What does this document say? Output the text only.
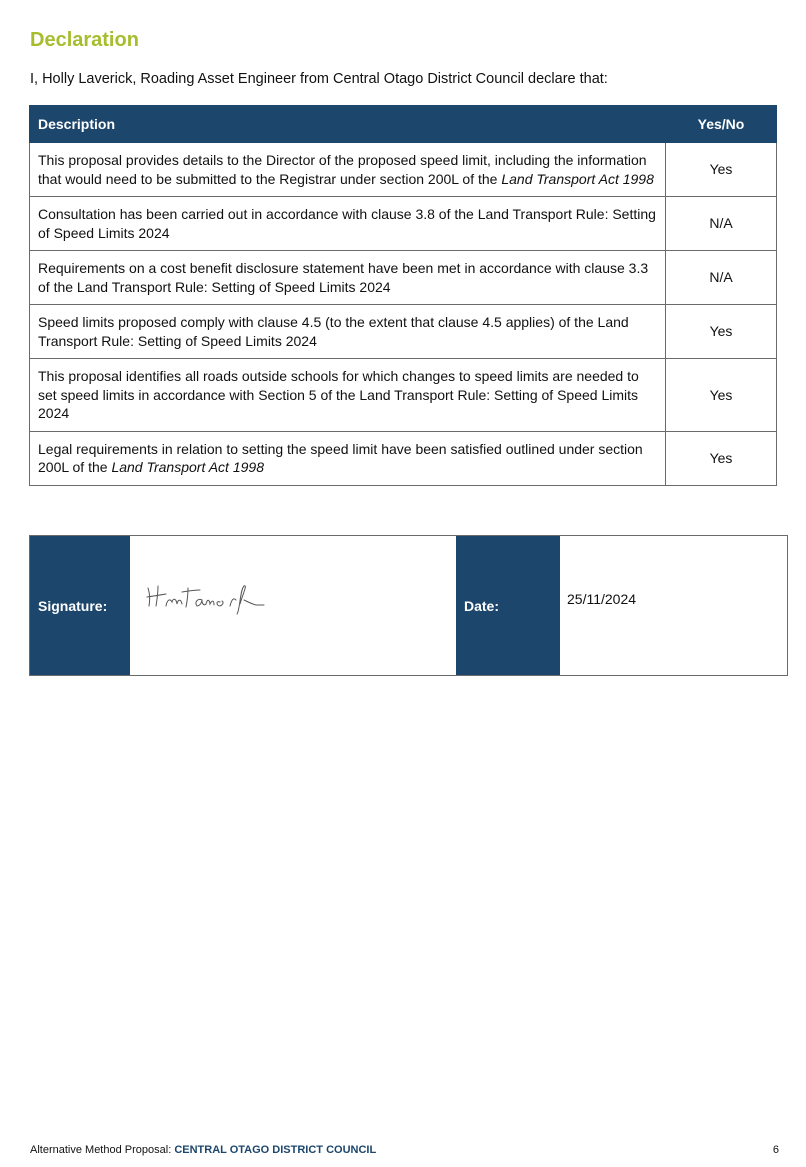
Declaration

I, Holly Laverick, Roading Asset Engineer from Central Otago District Council declare that:

Description	Yes/No
This proposal provides details to the Director of the proposed speed limit, including the information that would need to be submitted to the Registrar under section 200L of the Land Transport Act 1998	Yes
Consultation has been carried out in accordance with clause 3.8 of the Land Transport Rule: Setting of Speed Limits 2024	N/A
Requirements on a cost benefit disclosure statement have been met in accordance with clause 3.3 of the Land Transport Rule: Setting of Speed Limits 2024	N/A
Speed limits proposed comply with clause 4.5 (to the extent that clause 4.5 applies) of the Land Transport Rule: Setting of Speed Limits 2024	Yes
This proposal identifies all roads outside schools for which changes to speed limits are needed to set speed limits in accordance with Section 5 of the Land Transport Rule: Setting of Speed Limits 2024	Yes
Legal requirements in relation to setting the speed limit have been satisfied outlined under section 200L of the Land Transport Act 1998	Yes
Signature:	Date:	25/11/2024
Alternative Method Proposal: CENTRAL OTAGO DISTRICT COUNCIL	6
